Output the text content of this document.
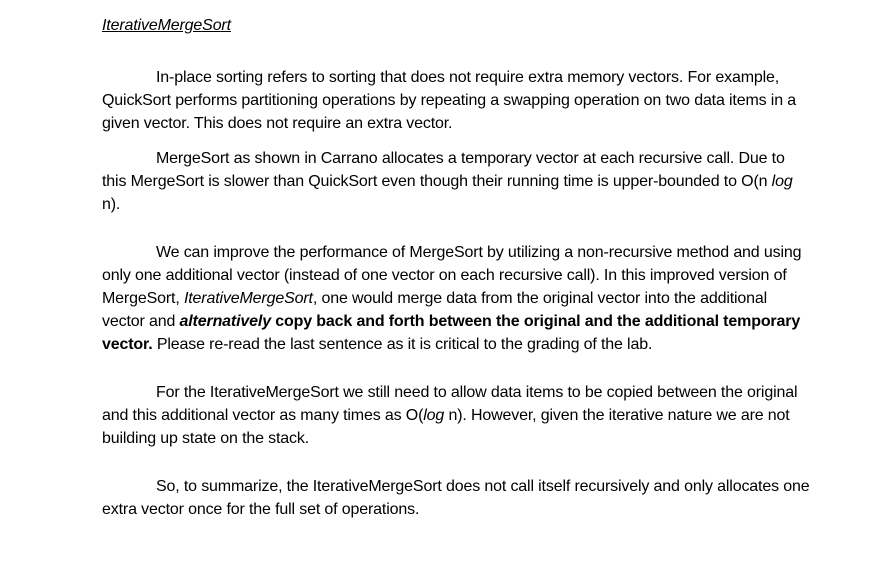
IterativeMergeSort

In-place sorting refers to sorting that does not require extra memory vectors. For example, QuickSort performs partitioning operations by repeating a swapping operation on two data items in a given vector. This does not require an extra vector.

MergeSort as shown in Carrano allocates a temporary vector at each recursive call. Due to this MergeSort is slower than QuickSort even though their running time is upper-bounded to O(n log n).

We can improve the performance of MergeSort by utilizing a non-recursive method and using only one additional vector (instead of one vector on each recursive call). In this improved version of MergeSort, IterativeMergeSort, one would merge data from the original vector into the additional vector and alternatively copy back and forth between the original and the additional temporary vector. Please re-read the last sentence as it is critical to the grading of the lab.

For the IterativeMergeSort we still need to allow data items to be copied between the original and this additional vector as many times as O(log n). However, given the iterative nature we are not building up state on the stack.

So, to summarize, the IterativeMergeSort does not call itself recursively and only allocates one extra vector once for the full set of operations.
